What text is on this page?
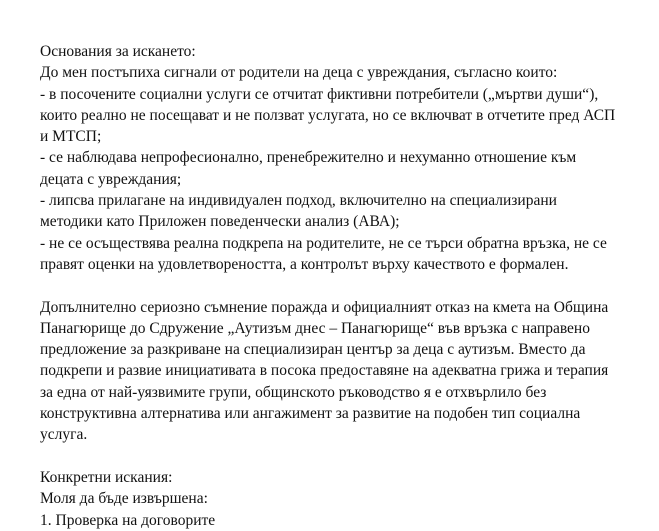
Основания за искането:

До мен постъпиха сигнали от родители на деца с увреждания, съгласно които:

- в посочените социални услуги се отчитат фиктивни потребители („мъртви души“), които реално не посещават и не ползват услугата, но се включват в отчетите пред АСП и МТСП;

- се наблюдава непрофесионално, пренебрежително и нехуманно отношение към децата с увреждания;

- липсва прилагане на индивидуален подход, включително на специализирани методики като Приложен поведенчески анализ (АВА);

- не се осъществява реална подкрепа на родителите, не се търси обратна връзка, не се правят оценки на удовлетвореността, а контролът върху качеството е формален.

Допълнително сериозно съмнение поражда и официалният отказ на кмета на Община Панагюрище до Сдружение „Аутизъм днес – Панагюрище“ във връзка с направено предложение за разкриване на специализиран център за деца с аутизъм. Вместо да подкрепи и развие инициативата в посока предоставяне на адекватна грижа и терапия за една от най-уязвимите групи, общинското ръководство я е отхвърлило без конструктивна алтернатива или ангажимент за развитие на подобен тип социална услуга.

Конкретни искания:

Моля да бъде извършена:

1. Проверка на договорите
